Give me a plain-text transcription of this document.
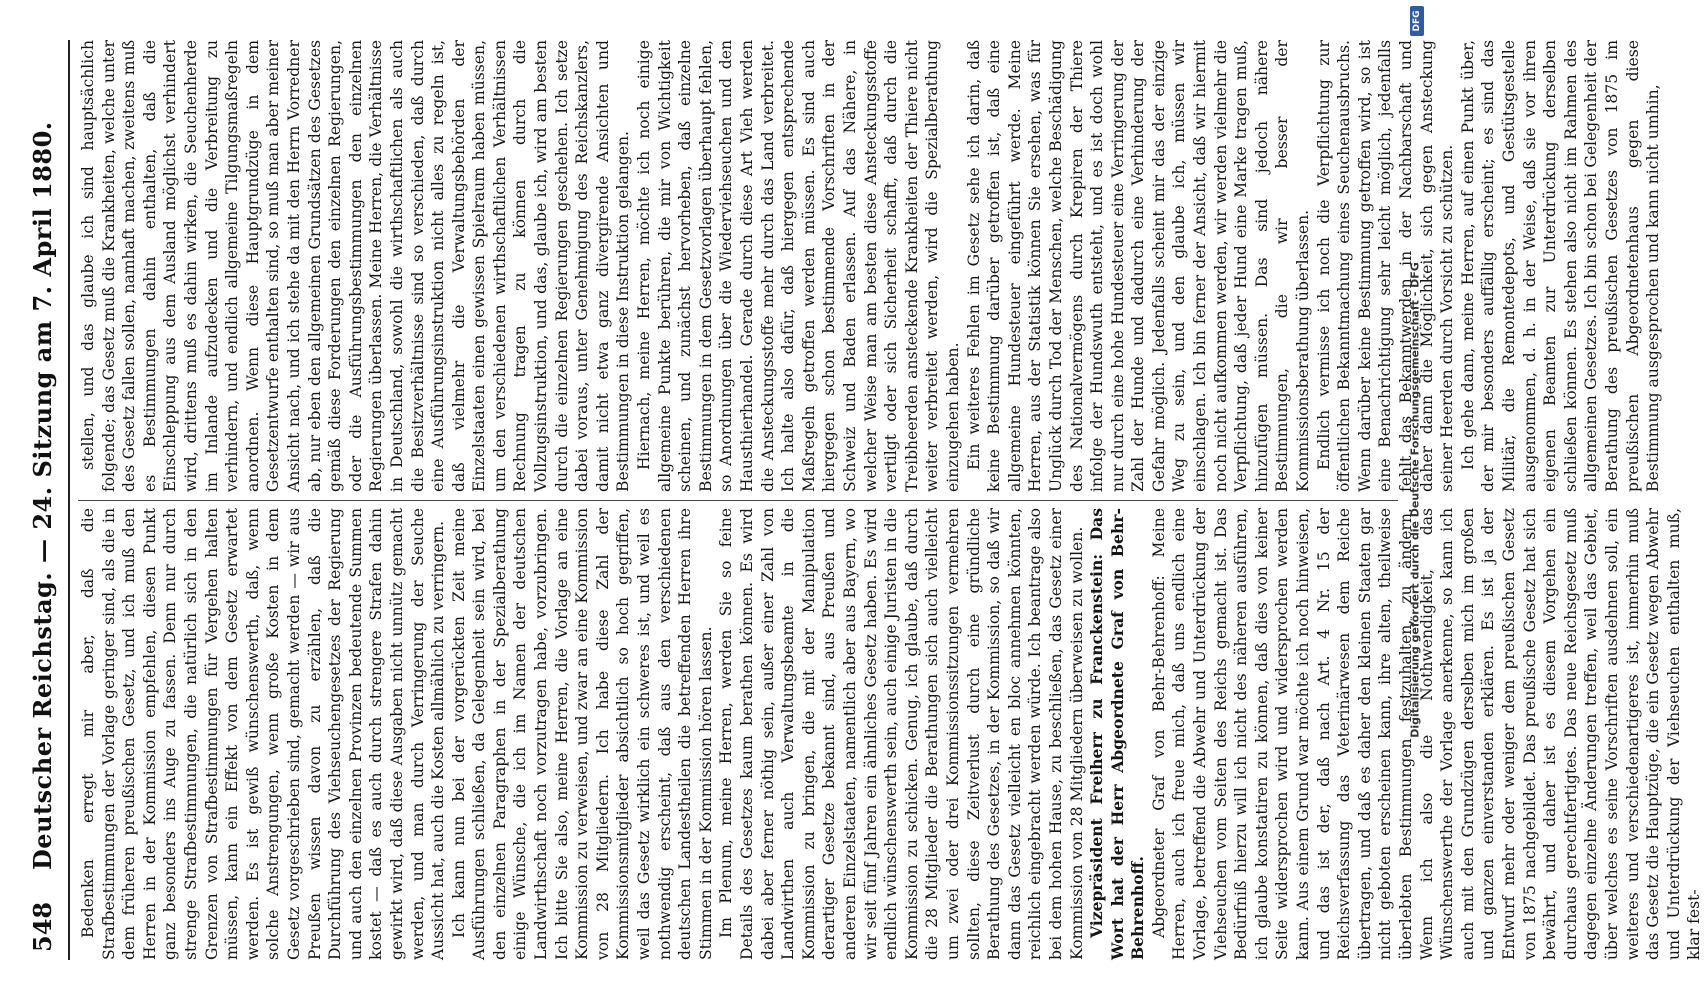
548
Deutscher Reichstag. — 24. Sitzung am 7. April 1880. Bedenken erregt mir aber, daß die Strafbestimmungen der Vorlage geringer sind, als die in dem früheren preußischen Gesetz, und ich muß den Herren in der Kommission empfehlen, diesen Punkt ganz besonders ins Auge zu fassen. Denn nur durch strenge Strafbestimmungen, die natürlich sich in den Grenzen von Strafbestimmungen für Vergehen halten müssen, kann ein Effekt von dem Gesetz erwartet werden. Es ist gewiß wünschenswerth, daß, wenn solche Anstrengungen, wenn große Kosten in dem Gesetz vorgeschrieben sind, gemacht werden — wir aus Preußen wissen davon zu erzählen, daß die Durchführung des Viehseuchengesetzes der Regierung und auch den einzelnen Provinzen bedeutende Summen kostet — daß es auch durch strengere Strafen dahin gewirkt wird, daß diese Ausgaben nicht unnütz gemacht werden, und man durch Verringerung der Seuche Aussicht hat, auch die Kosten allmählich zu verringern. Ich kann nun bei der vorgerückten Zeit meine Ausführungen schließen, da Gelegenheit sein wird, bei den einzelnen Paragraphen in der Spezialberathung einige Wünsche, die ich im Namen der deutschen Landwirthschaft noch vorzutragen habe, vorzubringen. Ich bitte Sie also, meine Herren, die Vorlage an eine Kommission zu verweisen, und zwar an eine Kommission von 28 Mitgliedern. Ich habe diese Zahl der Kommissionsmitglieder absichtlich so hoch gegriffen, weil das Gesetz wirklich ein schweres ist, und weil es nothwendig erscheint, daß aus den verschiedenen deutschen Landestheilen die betreffenden Herren ihre Stimmen in der Kommission hören lassen. Im Plenum, meine Herren, werden Sie so feine Details des Gesetzes kaum berathen können. Es wird dabei aber ferner nöthig sein, außer einer Zahl von Landwirthen auch Verwaltungsbeamte in die Kommission zu bringen, die mit der Manipulation derartiger Gesetze bekannt sind, aus Preußen und anderen Einzelstaaten, namentlich aber aus Bayern, wo wir seit fünf Jahren ein ähnliches Gesetz haben. Es wird endlich wünschenswerth sein, auch einige Juristen in die Kommission zu schicken. Genug, ich glaube, daß durch die 28 Mitglieder die Berathungen sich auch vielleicht um zwei oder drei Kommissionssitzungen vermehren sollten, diese Zeitverlust durch eine gründliche Berathung des Gesetzes, in der Kommission, so daß wir dann das Gesetz vielleicht en bloc annehmen könnten, reichlich eingebracht werden würde. Ich beantrage also bei dem hohen Hause, zu beschließen, das Gesetz einer Kommission von 28 Mitgliedern überweisen zu wollen. Vizepräsident Freiherr zu Franckenstein: Das Wort hat der Herr Abgeordnete Graf von Behr-Behrenhoff. Abgeordneter Graf von Behr-Behrenhoff: Meine Herren, auch ich freue mich, daß uns endlich eine Vorlage, betreffend die Abwehr und Unterdrückung der Viehseuchen vom Seiten des Reichs gemacht ist. Das Bedürfniß hierzu will ich nicht des näheren ausführen, ich glaube konstatiren zu können, daß dies von keiner Seite widersprochen wird und widersprochen werden kann. Aus einem Grund war möchte ich noch hinweisen, und das ist der, daß nach Art. 4 Nr. 15 der Reichsverfassung das Veterinärwesen dem Reiche übertragen, und daß es daher den kleinen Staaten gar nicht geboten erscheinen kann, ihre alten, theilweise überlebten Bestimmungen festzuhalten, zu ändern. Wenn ich also die Nothwendigkeit, das Wünschenswerthe der Vorlage anerkenne, so kann ich auch mit den Grundzügen derselben mich im großen und ganzen einverstanden erklären. Es ist ja der Entwurf mehr oder weniger dem preußischen Gesetz von 1875 nachgebildet. Das preußische Gesetz hat sich bewährt, und daher ist es diesem Vorgehen ein durchaus gerechtfertigtes. Das neue Reichsgesetz muß dagegen einzelne Änderungen treffen, weil das Gebiet, über welches es seine Vorschriften ausdehnen soll, ein weiteres und verschiedenartigeres ist, immerhin muß das Gesetz die Hauptzüge, die ein Gesetz wegen Abwehr und Unterdrückung der Viehseuchen enthalten muß, klar fest-

stellen, und das glaube ich sind hauptsächlich folgende; das Gesetz muß die Krankheiten, welche unter des Gesetz fallen sollen, namhaft machen, zweitens muß es Bestimmungen dahin enthalten, daß die Einschleppung aus dem Ausland möglichst verhindert wird, drittens muß es dahin wirken, die Seuchenherde im Inlande aufzudecken und die Verbreitung zu verhindern, und endlich allgemeine Tilgungsmaßregeln anordnen. Wenn diese Hauptgrundzüge in dem Gesetzentwurfe enthalten sind, so muß man aber meiner Ansicht nach, und ich stehe da mit den Herrn Vorredner ab, nur eben den allgemeinen Grundsätzen des Gesetzes gemäß diese Forderungen den einzelnen Regierungen, oder die Ausführungsbestimmungen den einzelnen Regierungen überlassen. Meine Herren, die Verhältnisse in Deutschland, sowohl die wirthschaftlichen als auch die Besitzverhältnisse sind so verschieden, daß durch eine Ausführungsinstruktion nicht alles zu regeln ist, daß vielmehr die Verwaltungsbehörden der Einzelstaaten einen gewissen Spielraum haben müssen, um den verschiedenen wirthschaftlichen Verhältnissen Rechnung tragen zu können durch die Vollzugsinstruktion, und das, glaube ich, wird am besten durch die einzelnen Regierungen geschehen. Ich setze dabei voraus, unter Genehmigung des Reichskanzlers, damit nicht etwa ganz divergirende Ansichten und Bestimmungen in diese Instruktion gelangen. Hiernach, meine Herren, möchte ich noch einige allgemeine Punkte berühren, die mir von Wichtigkeit scheinen, und zunächst hervorheben, daß einzelne Bestimmungen in dem Gesetzvorlagen überhaupt fehlen, so Anordnungen über die Wiederviehseuchen und den Hausthierhandel. Gerade durch diese Art Vieh werden die Ansteckungsstoffe mehr durch das Land verbreitet. Ich halte also dafür, daß hiergegen entsprechende Maßregeln getroffen werden müssen. Es sind auch hiergegen schon bestimmende Vorschriften in der Schweiz und Baden erlassen. Auf das Nähere, in welcher Weise man am besten diese Ansteckungsstoffe vertilgt oder sich Sicherheit schafft, daß durch die Treibheerden ansteckende Krankheiten der Thiere nicht weiter verbreitet werden, wird die Spezialberathung einzugehen haben. Ein weiteres Fehlen im Gesetz sehe ich darin, daß keine Bestimmung darüber getroffen ist, daß eine allgemeine Hundesteuer eingeführt werde. Meine Herren, aus der Statistik können Sie ersehen, was für Unglück durch Tod der Menschen, welche Beschädigung des Nationalvermögens durch Krepiren der Thiere infolge der Hundswuth entsteht, und es ist doch wohl nur durch eine hohe Hundesteuer eine Verringerung der Zahl der Hunde und dadurch eine Verhinderung der Gefahr möglich. Jedenfalls scheint mir das der einzige Weg zu sein, und den glaube ich, müssen wir einschlagen. Ich bin ferner der Ansicht, daß wir hiermit noch nicht aufkommen werden, wir werden vielmehr die Verpflichtung, daß jeder Hund eine Marke tragen muß, hinzufügen müssen. Das sind jedoch nähere Bestimmungen, die wir besser der Kommissionsberathung überlassen. Endlich vermisse ich noch die Verpflichtung zur öffentlichen Bekanntmachung eines Seuchenausbruchs. Wenn darüber keine Bestimmung getroffen wird, so ist eine Benachrichtigung sehr leicht möglich, jedenfalls fehlt das Bekanntwerden in der Nachbarschaft und daher dann die Möglichkeit, sich gegen Ansteckung seiner Heerden durch Vorsicht zu schützen. Ich gehe dann, meine Herren, auf einen Punkt über, der mir besonders auffällig erscheint; es sind das Militär, die Remontedepots, und Gestütsgestelle ausgenommen, d. h. in der Weise, daß sie vor ihren eigenen Beamten zur Unterdrückung derselben schließen können. Es stehen also nicht im Rahmen des allgemeinen Gesetzes. Ich bin schon bei Gelegenheit der Berathung des preußischen Gesetzes von 1875 im preußischen Abgeordnetenhaus gegen diese Bestimmung ausgesprochen und kann nicht umhin,

DFG
Digitalisierung gefördert durch die Deutsche Forschungsgemeinschaft - DFG
